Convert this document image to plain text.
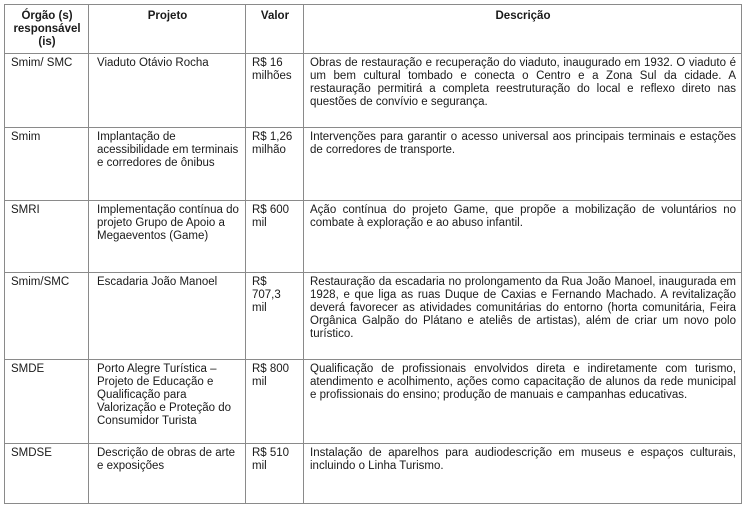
Órgão (s) responsável (is)	Projeto	Valor	Descrição
Smim/ SMC	Viaduto Otávio Rocha	R$ 16 milhões	Obras de restauração e recuperação do viaduto, inaugurado em 1932. O viaduto é um bem cultural tombado e conecta o Centro e a Zona Sul da cidade. A restauração permitirá a completa reestruturação do local e reflexo direto nas questões de convívio e segurança.
Smim	Implantação de acessibilidade em terminais e corredores de ônibus	R$ 1,26 milhão	Intervenções para garantir o acesso universal aos principais terminais e estações de corredores de transporte.
SMRI	Implementação contínua do projeto Grupo de Apoio a Megaeventos (Game)	R$ 600 mil	Ação contínua do projeto Game, que propõe a mobilização de voluntários no combate à exploração e ao abuso infantil.
Smim/SMC	Escadaria João Manoel	R$ 707,3 mil	Restauração da escadaria no prolongamento da Rua João Manoel, inaugurada em 1928, e que liga as ruas Duque de Caxias e Fernando Machado. A revitalização deverá favorecer as atividades comunitárias do entorno (horta comunitária, Feira Orgânica Galpão do Plátano e ateliês de artistas), além de criar um novo polo turístico.
SMDE	Porto Alegre Turística – Projeto de Educação e Qualificação para Valorização e Proteção do Consumidor Turista	R$ 800 mil	Qualificação de profissionais envolvidos direta e indiretamente com turismo, atendimento e acolhimento, ações como capacitação de alunos da rede municipal e profissionais do ensino; produção de manuais e campanhas educativas.
SMDSE	Descrição de obras de arte e exposições	R$ 510 mil	Instalação de aparelhos para audiodescrição em museus e espaços culturais, incluindo o Linha Turismo.
